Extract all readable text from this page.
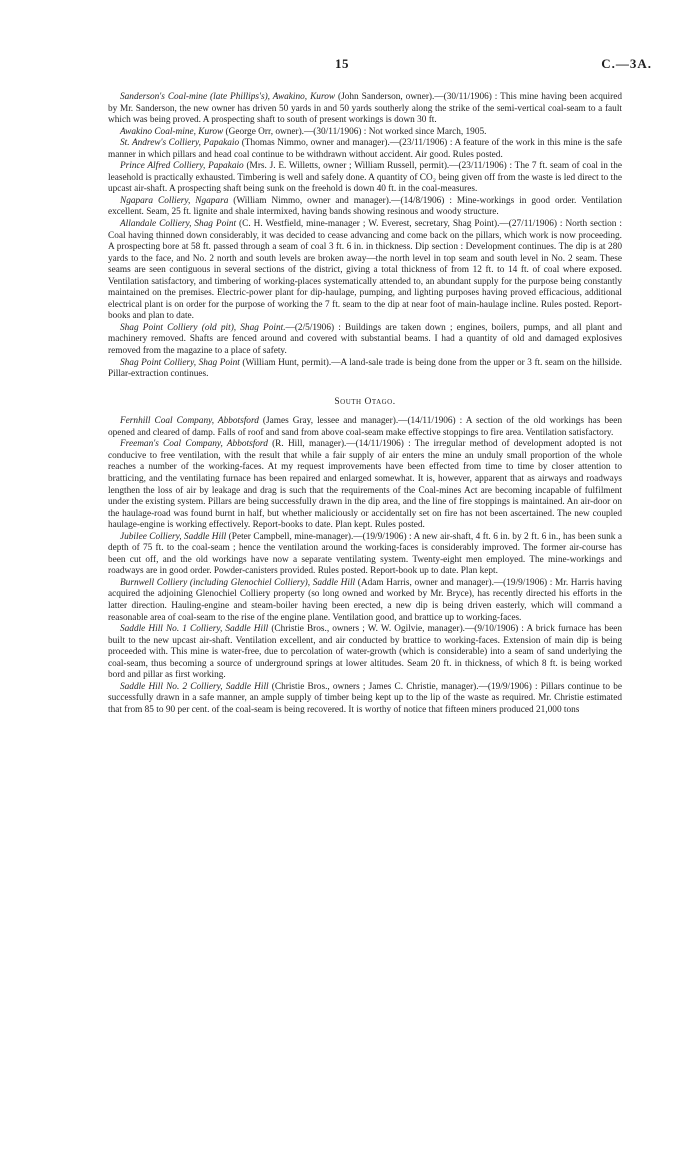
15	C.—3A.

Sanderson's Coal-mine (late Phillips's), Awakino, Kurow (John Sanderson, owner).—(30/11/1906) : This mine having been acquired by Mr. Sanderson, the new owner has driven 50 yards in and 50 yards southerly along the strike of the semi-vertical coal-seam to a fault which was being proved. A prospecting shaft to south of present workings is down 30 ft.

Awakino Coal-mine, Kurow (George Orr, owner).—(30/11/1906) : Not worked since March, 1905.

St. Andrew's Colliery, Papakaio (Thomas Nimmo, owner and manager).—(23/11/1906) : A feature of the work in this mine is the safe manner in which pillars and head coal continue to be withdrawn without accident. Air good. Rules posted.

Prince Alfred Colliery, Papakaio (Mrs. J. E. Willetts, owner ; William Russell, permit).—(23/11/1906) : The 7 ft. seam of coal in the leasehold is practically exhausted. Timbering is well and safely done. A quantity of CO₂ being given off from the waste is led direct to the upcast air-shaft. A prospecting shaft being sunk on the freehold is down 40 ft. in the coal-measures.

Ngapara Colliery, Ngapara (William Nimmo, owner and manager).—(14/8/1906) : Mine-workings in good order. Ventilation excellent. Seam, 25 ft. lignite and shale intermixed, having bands showing resinous and woody structure.

Allandale Colliery, Shag Point (C. H. Westfield, mine-manager ; W. Everest, secretary, Shag Point).—(27/11/1906) : North section : Coal having thinned down considerably, it was decided to cease advancing and come back on the pillars, which work is now proceeding. A prospecting bore at 58 ft. passed through a seam of coal 3 ft. 6 in. in thickness. Dip section : Development continues. The dip is at 280 yards to the face, and No. 2 north and south levels are broken away—the north level in top seam and south level in No. 2 seam. These seams are seen contiguous in several sections of the district, giving a total thickness of from 12 ft. to 14 ft. of coal where exposed. Ventilation satisfactory, and timbering of working-places systematically attended to, an abundant supply for the purpose being constantly maintained on the premises. Electric-power plant for dip-haulage, pumping, and lighting purposes having proved efficacious, additional electrical plant is on order for the purpose of working the 7 ft. seam to the dip at near foot of main-haulage incline. Rules posted. Report-books and plan to date.

Shag Point Colliery (old pit), Shag Point.—(2/5/1906) : Buildings are taken down ; engines, boilers, pumps, and all plant and machinery removed. Shafts are fenced around and covered with substantial beams. I had a quantity of old and damaged explosives removed from the magazine to a place of safety.

Shag Point Colliery, Shag Point (William Hunt, permit).—A land-sale trade is being done from the upper or 3 ft. seam on the hillside. Pillar-extraction continues.

South Otago.

Fernhill Coal Company, Abbotsford (James Gray, lessee and manager).—(14/11/1906) : A section of the old workings has been opened and cleared of damp. Falls of roof and sand from above coal-seam make effective stoppings to fire area. Ventilation satisfactory.

Freeman's Coal Company, Abbotsford (R. Hill, manager).—(14/11/1906) : The irregular method of development adopted is not conducive to free ventilation, with the result that while a fair supply of air enters the mine an unduly small proportion of the whole reaches a number of the working-faces. At my request improvements have been effected from time to time by closer attention to bratticing, and the ventilating furnace has been repaired and enlarged somewhat. It is, however, apparent that as airways and roadways lengthen the loss of air by leakage and drag is such that the requirements of the Coal-mines Act are becoming incapable of fulfilment under the existing system. Pillars are being successfully drawn in the dip area, and the line of fire stoppings is maintained. An air-door on the haulage-road was found burnt in half, but whether maliciously or accidentally set on fire has not been ascertained. The new coupled haulage-engine is working effectively. Report-books to date. Plan kept. Rules posted.

Jubilee Colliery, Saddle Hill (Peter Campbell, mine-manager).—(19/9/1906) : A new air-shaft, 4 ft. 6 in. by 2 ft. 6 in., has been sunk a depth of 75 ft. to the coal-seam ; hence the ventilation around the working-faces is considerably improved. The former air-course has been cut off, and the old workings have now a separate ventilating system. Twenty-eight men employed. The mine-workings and roadways are in good order. Powder-canisters provided. Rules posted. Report-book up to date. Plan kept.

Burnwell Colliery (including Glenochiel Colliery), Saddle Hill (Adam Harris, owner and manager).—(19/9/1906) : Mr. Harris having acquired the adjoining Glenochiel Colliery property (so long owned and worked by Mr. Bryce), has recently directed his efforts in the latter direction. Hauling-engine and steam-boiler having been erected, a new dip is being driven easterly, which will command a reasonable area of coal-seam to the rise of the engine plane. Ventilation good, and brattice up to working-faces.

Saddle Hill No. 1 Colliery, Saddle Hill (Christie Bros., owners ; W. W. Ogilvie, manager).—(9/10/1906) : A brick furnace has been built to the new upcast air-shaft. Ventilation excellent, and air conducted by brattice to working-faces. Extension of main dip is being proceeded with. This mine is water-free, due to percolation of water-growth (which is considerable) into a seam of sand underlying the coal-seam, thus becoming a source of underground springs at lower altitudes. Seam 20 ft. in thickness, of which 8 ft. is being worked bord and pillar as first working.

Saddle Hill No. 2 Colliery, Saddle Hill (Christie Bros., owners ; James C. Christie, manager).—(19/9/1906) : Pillars continue to be successfully drawn in a safe manner, an ample supply of timber being kept up to the lip of the waste as required. Mr. Christie estimated that from 85 to 90 per cent. of the coal-seam is being recovered. It is worthy of notice that fifteen miners produced 21,000 tons
